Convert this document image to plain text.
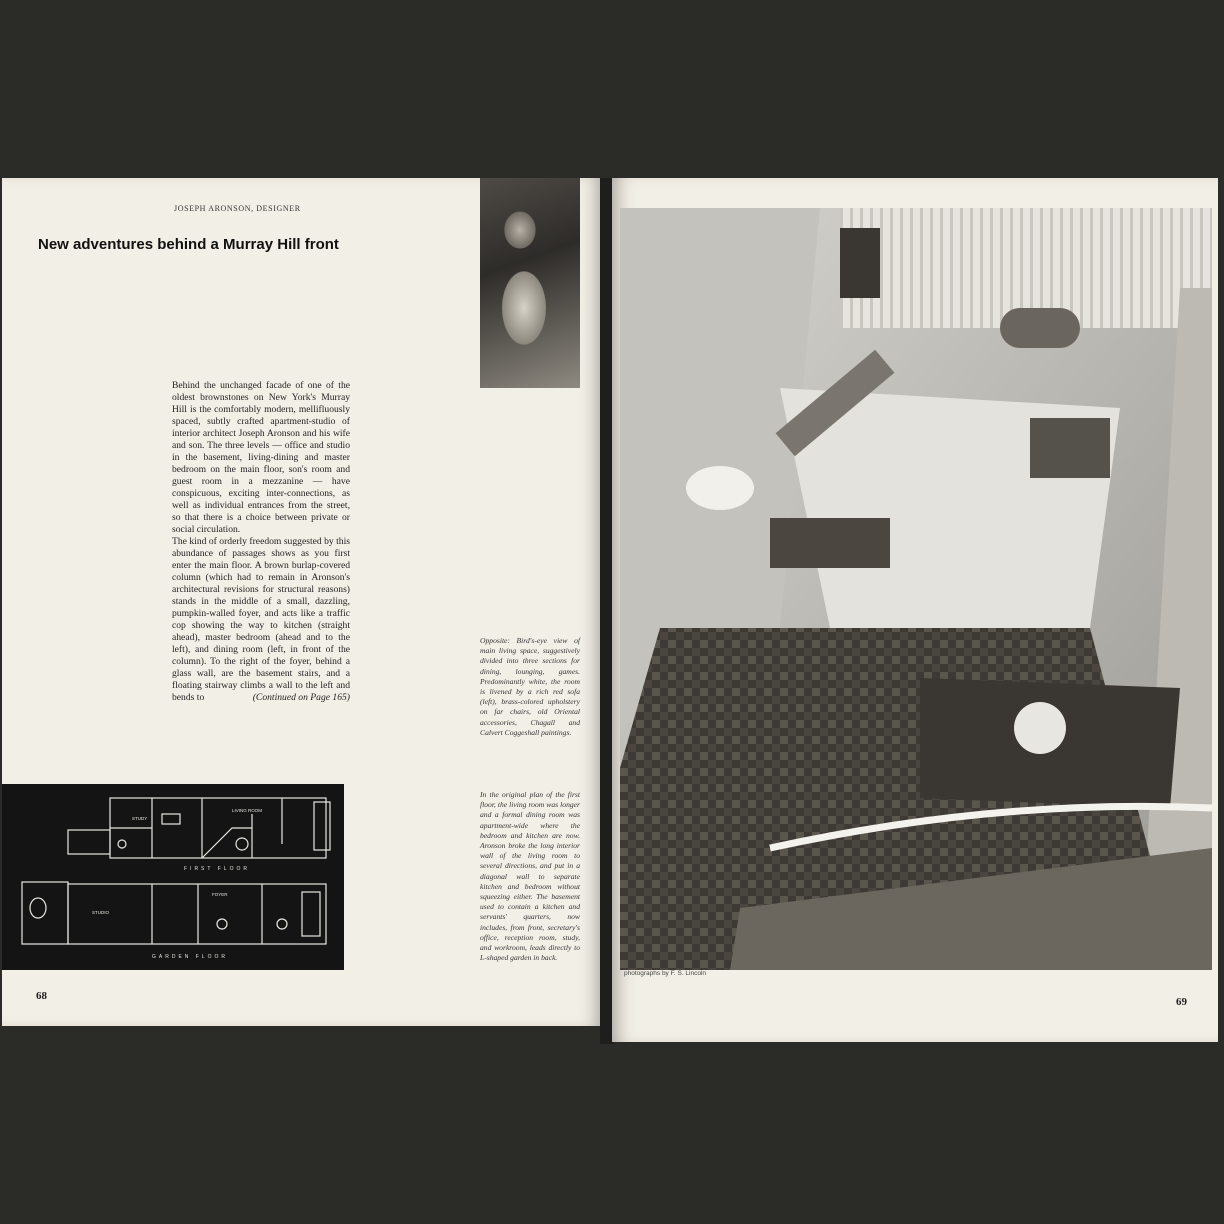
JOSEPH ARONSON, DESIGNER
New adventures behind a Murray Hill front

Behind the unchanged facade of one of the oldest brownstones on New York's Murray Hill is the comfortably modern, mellifluously spaced, subtly crafted apartment-studio of interior architect Joseph Aronson and his wife and son. The three levels — office and studio in the basement, living-dining and master bedroom on the main floor, son's room and guest room in a mezzanine — have conspicuous, exciting inter-connections, as well as individual entrances from the street, so that there is a choice between private or social circulation.

The kind of orderly freedom suggested by this abundance of passages shows as you first enter the main floor. A brown burlap-covered column (which had to remain in Aronson's architectural revisions for structural reasons) stands in the middle of a small, dazzling, pumpkin-walled foyer, and acts like a traffic cop showing the way to kitchen (straight ahead), master bedroom (ahead and to the left), and dining room (left, in front of the column). To the right of the foyer, behind a glass wall, are the basement stairs, and a floating stairway climbs a wall to the left and bends to	(Continued on Page 165)

Opposite: Bird's-eye view of main living space, suggestively divided into three sections for dining, lounging, games. Predominantly white, the room is livened by a rich red sofa (left), brass-colored upholstery on far chairs, old Oriental accessories, Chagall and Calvert Coggeshall paintings.
STUDY
LIVING ROOM
STUDIO
FOYER
FIRST FLOOR
GARDEN FLOOR
In the original plan of the first floor, the living room was longer and a formal dining room was apartment-wide where the bedroom and kitchen are now. Aronson broke the long interior wall of the living room to several directions, and put in a diagonal wall to separate kitchen and bedroom without squeezing either. The basement used to contain a kitchen and servants' quarters, now includes, from front, secretary's office, reception room, study, and workroom, leads directly to L-shaped garden in back.
68
photographs by F. S. Lincoln
69
